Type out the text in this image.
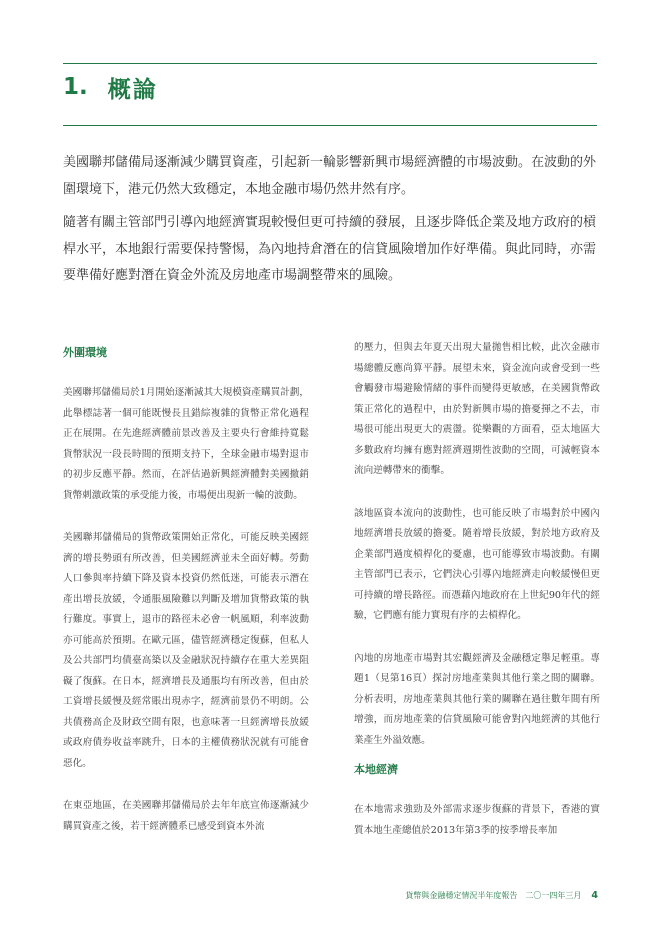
1. 概論

美國聯邦儲備局逐漸減少購買資產，引起新一輪影響新興市場經濟體的市場波動。在波動的外圍環境下，港元仍然大致穩定，本地金融市場仍然井然有序。

隨著有關主管部門引導內地經濟實現較慢但更可持續的發展，且逐步降低企業及地方政府的槓桿水平，本地銀行需要保持警惕，為內地持倉潛在的信貸風險增加作好準備。與此同時，亦需要準備好應對潛在資金外流及房地產市場調整帶來的風險。

外圍環境

美國聯邦儲備局於1月開始逐漸減其大規模資產購買計劃，此舉標誌著一個可能既慢長且錯綜複雜的貨幣正常化過程正在展開。在先進經濟體前景改善及主要央行會維持寬鬆貨幣狀況一段長時間的預期支持下，全球金融市場對退市的初步反應平靜。然而，在評估過新興經濟體對美國撤銷貨幣刺激政策的承受能力後，市場便出現新一輪的波動。

美國聯邦儲備局的貨幣政策開始正常化，可能反映美國經濟的增長勢頭有所改善，但美國經濟並未全面好轉。勞動人口參與率持續下降及資本投資仍然低迷，可能表示潛在產出增長放緩，令通脹風險難以判斷及增加貨幣政策的執行難度。事實上，退市的路徑未必會一帆風順，利率波動亦可能高於預期。在歐元區，儘管經濟穩定復蘇，但私人及公共部門均債臺高築以及金融狀況持續存在重大差異阻礙了復蘇。在日本，經濟增長及通脹均有所改善，但由於工資增長緩慢及經常賬出現赤字，經濟前景仍不明朗。公共債務高企及財政空間有限，也意味著一旦經濟增長放緩或政府債券收益率跳升，日本的主權債務狀況就有可能會惡化。

在東亞地區，在美國聯邦儲備局於去年年底宣佈逐漸減少購買資產之後，若干經濟體系已感受到資本外流

的壓力，但與去年夏天出現大量拋售相比較，此次金融市場總體反應尚算平靜。展望未來，資金流向或會受到一些會觸發市場避險情緒的事件而變得更敏感，在美國貨幣政策正常化的過程中，由於對新興市場的擔憂揮之不去，市場很可能出現更大的震盪。從樂觀的方面看，亞太地區大多數政府均擁有應對經濟週期性波動的空間，可減輕資本流向逆轉帶來的衝擊。

該地區資本流向的波動性，也可能反映了市場對於中國內地經濟增長放緩的擔憂。隨着增長放緩，對於地方政府及企業部門過度槓桿化的憂慮，也可能導致市場波動。有關主管部門已表示，它們決心引導內地經濟走向較緩慢但更可持續的增長路徑。而憑藉內地政府在上世紀90年代的經驗，它們應有能力實現有序的去槓桿化。

內地的房地產市場對其宏觀經濟及金融穩定舉足輕重。專題1（見第16頁）探討房地產業與其他行業之間的關聯。分析表明，房地產業與其他行業的關聯在過往數年間有所增強，而房地產業的信貸風險可能會對內地經濟的其他行業產生外溢效應。

本地經濟

在本地需求強勁及外部需求逐步復蘇的背景下，香港的實質本地生產總值於2013年第3季的按季增長率加

貨幣與金融穩定情況半年度報告　二〇一四年三月 4
